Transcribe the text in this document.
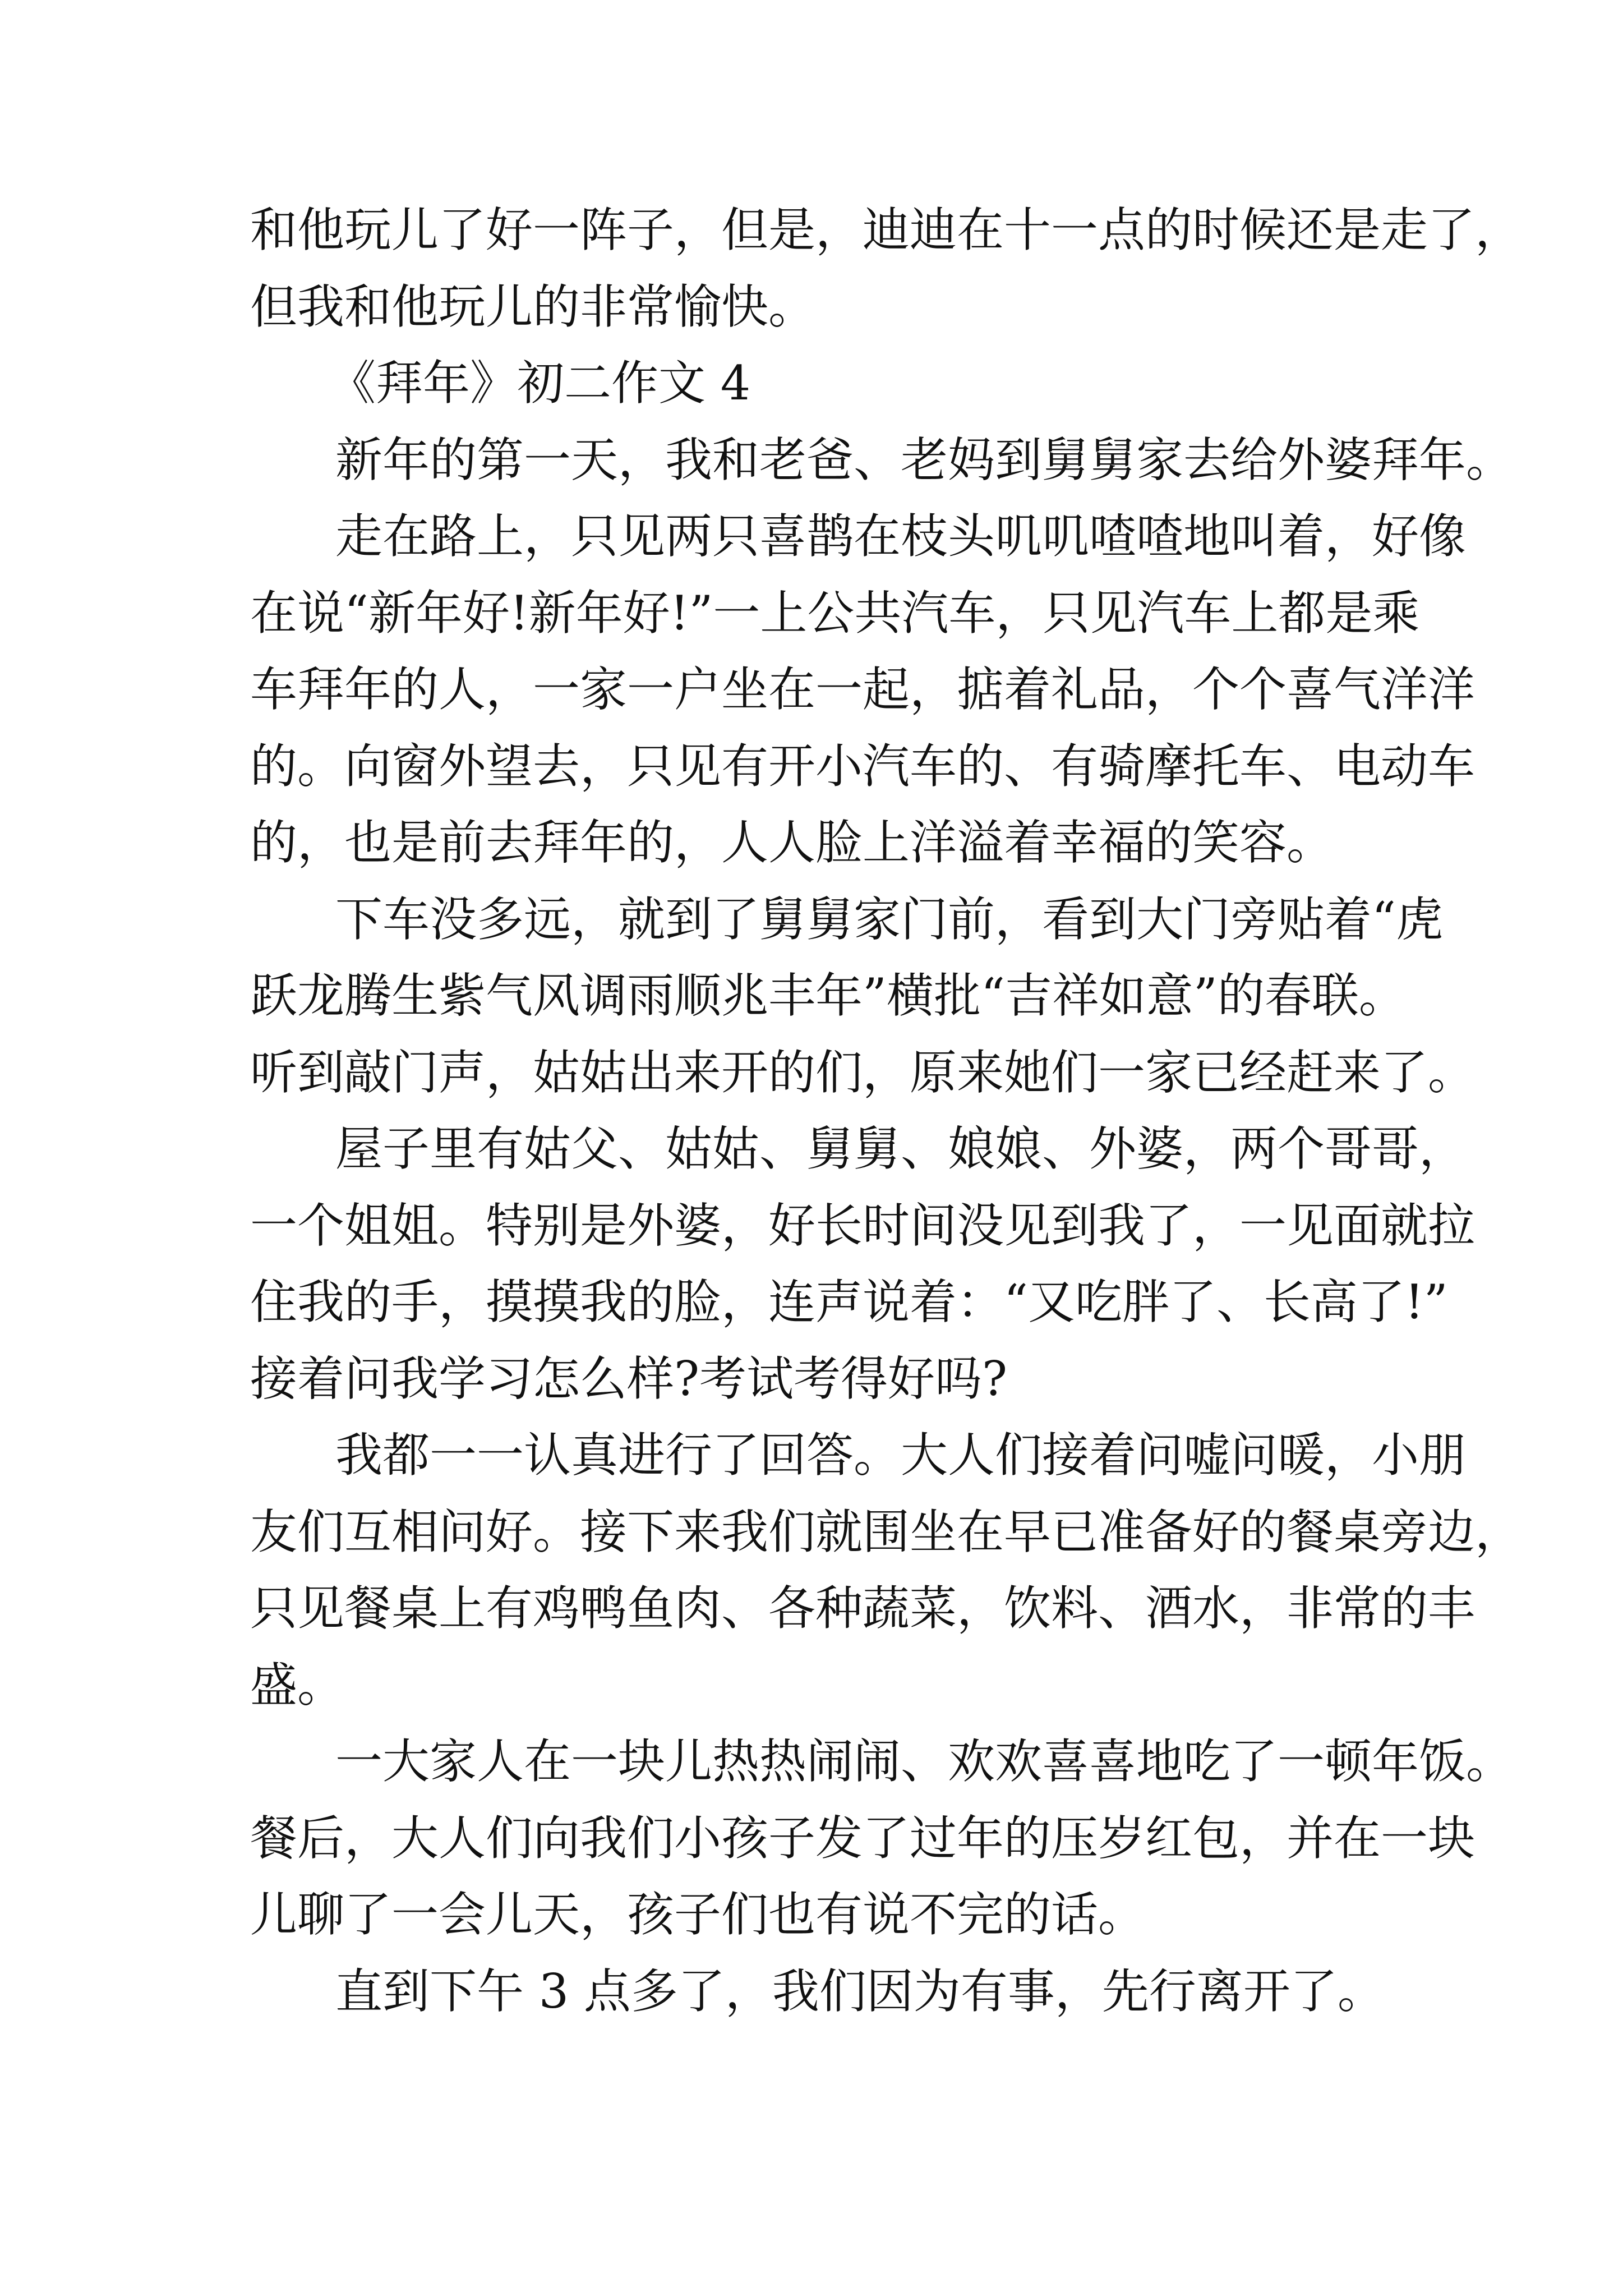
和他玩儿了好一阵子，但是，迪迪在十一点的时候还是走了，
但我和他玩儿的非常愉快。
《拜年》初二作文 4
新年的第一天，我和老爸、老妈到舅舅家去给外婆拜年。
走在路上，只见两只喜鹊在枝头叽叽喳喳地叫着，好像
在说“新年好!新年好!”一上公共汽车，只见汽车上都是乘
车拜年的人，一家一户坐在一起，掂着礼品，个个喜气洋洋
的。向窗外望去，只见有开小汽车的、有骑摩托车、电动车
的，也是前去拜年的，人人脸上洋溢着幸福的笑容。
下车没多远，就到了舅舅家门前，看到大门旁贴着“虎
跃龙腾生紫气风调雨顺兆丰年”横批“吉祥如意”的春联。
听到敲门声，姑姑出来开的们，原来她们一家已经赶来了。
屋子里有姑父、姑姑、舅舅、娘娘、外婆，两个哥哥，
一个姐姐。特别是外婆，好长时间没见到我了，一见面就拉
住我的手，摸摸我的脸，连声说着：“又吃胖了、长高了!”
接着问我学习怎么样?考试考得好吗?
我都一一认真进行了回答。大人们接着问嘘问暖，小朋
友们互相问好。接下来我们就围坐在早已准备好的餐桌旁边，
只见餐桌上有鸡鸭鱼肉、各种蔬菜，饮料、酒水，非常的丰
盛。
一大家人在一块儿热热闹闹、欢欢喜喜地吃了一顿年饭。
餐后，大人们向我们小孩子发了过年的压岁红包，并在一块
儿聊了一会儿天，孩子们也有说不完的话。
直到下午 3 点多了，我们因为有事，先行离开了。
